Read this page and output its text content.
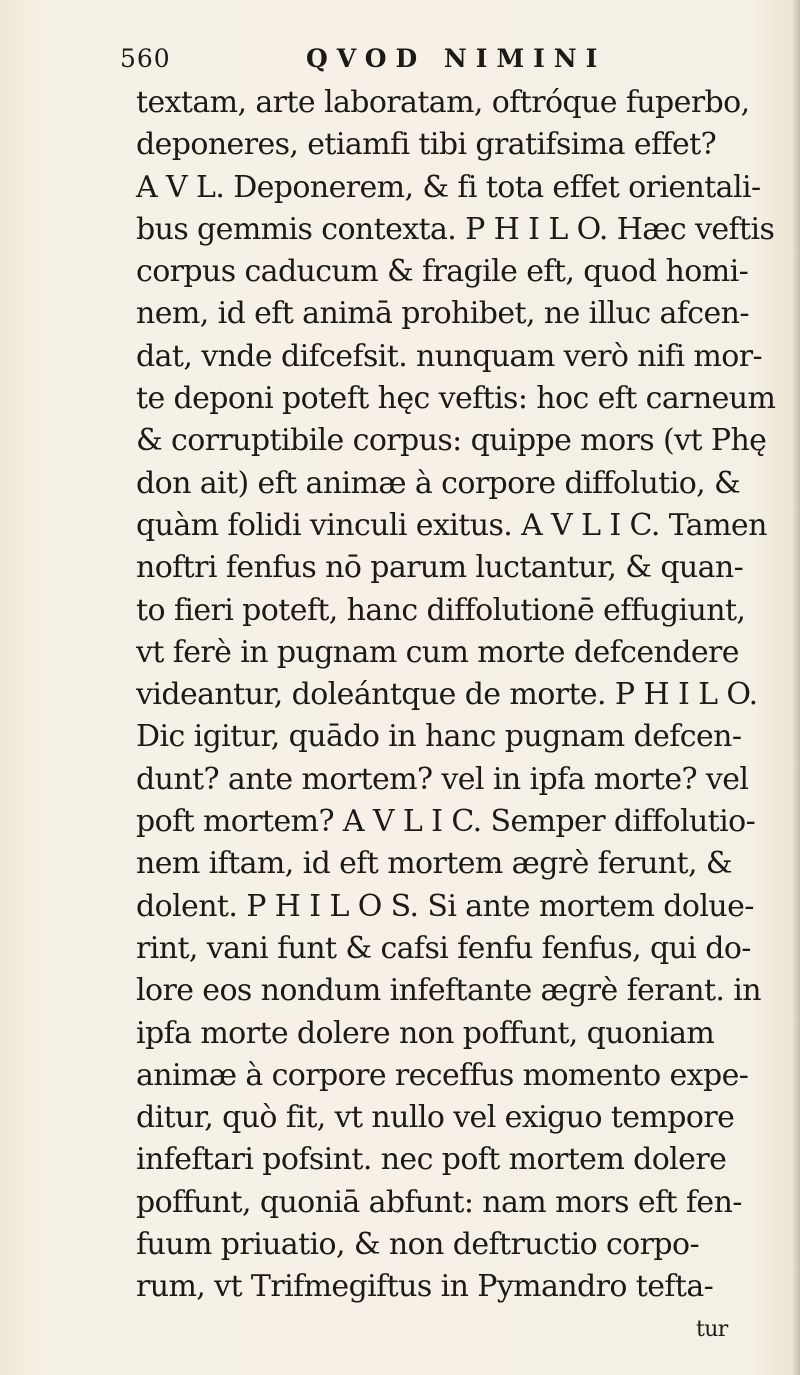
560	QVOD NIMINI
textam, arte laboratam, oftróque fuperbo,
deponeres, etiamfi tibi gratifsima effet?
A V L. Deponerem, & fi tota effet orientali-
bus gemmis contexta. P H I L O. Hæc veftis
corpus caducum & fragile eft, quod homi-
nem, id eft animā prohibet, ne illuc afcen-
dat, vnde difcefsit. nunquam verò nifi mor-
te deponi poteft hęc veftis: hoc eft carneum
& corruptibile corpus: quippe mors (vt Phę
don ait) eft animæ à corpore diffolutio, &
quàm folidi vinculi exitus. A V L I C. Tamen
noftri fenfus nō parum luctantur, & quan-
to fieri poteft, hanc diffolutionē effugiunt,
vt ferè in pugnam cum morte defcendere
videantur, doleántque de morte. P H I L O.
Dic igitur, quādo in hanc pugnam defcen-
dunt? ante mortem? vel in ipfa morte? vel
poft mortem? A V L I C. Semper diffolutio-
nem iftam, id eft mortem ægrè ferunt, &
dolent. P H I L O S. Si ante mortem dolue-
rint, vani funt & cafsi fenfu fenfus, qui do-
lore eos nondum infeftante ægrè ferant. in
ipfa morte dolere non poffunt, quoniam
animæ à corpore receffus momento expe-
ditur, quò fit, vt nullo vel exiguo tempore
infeftari pofsint. nec poft mortem dolere
poffunt, quoniā abfunt: nam mors eft fen-
fuum priuatio, & non deftructio corpo-
rum, vt Trifmegiftus in Pymandro tefta-
tur
